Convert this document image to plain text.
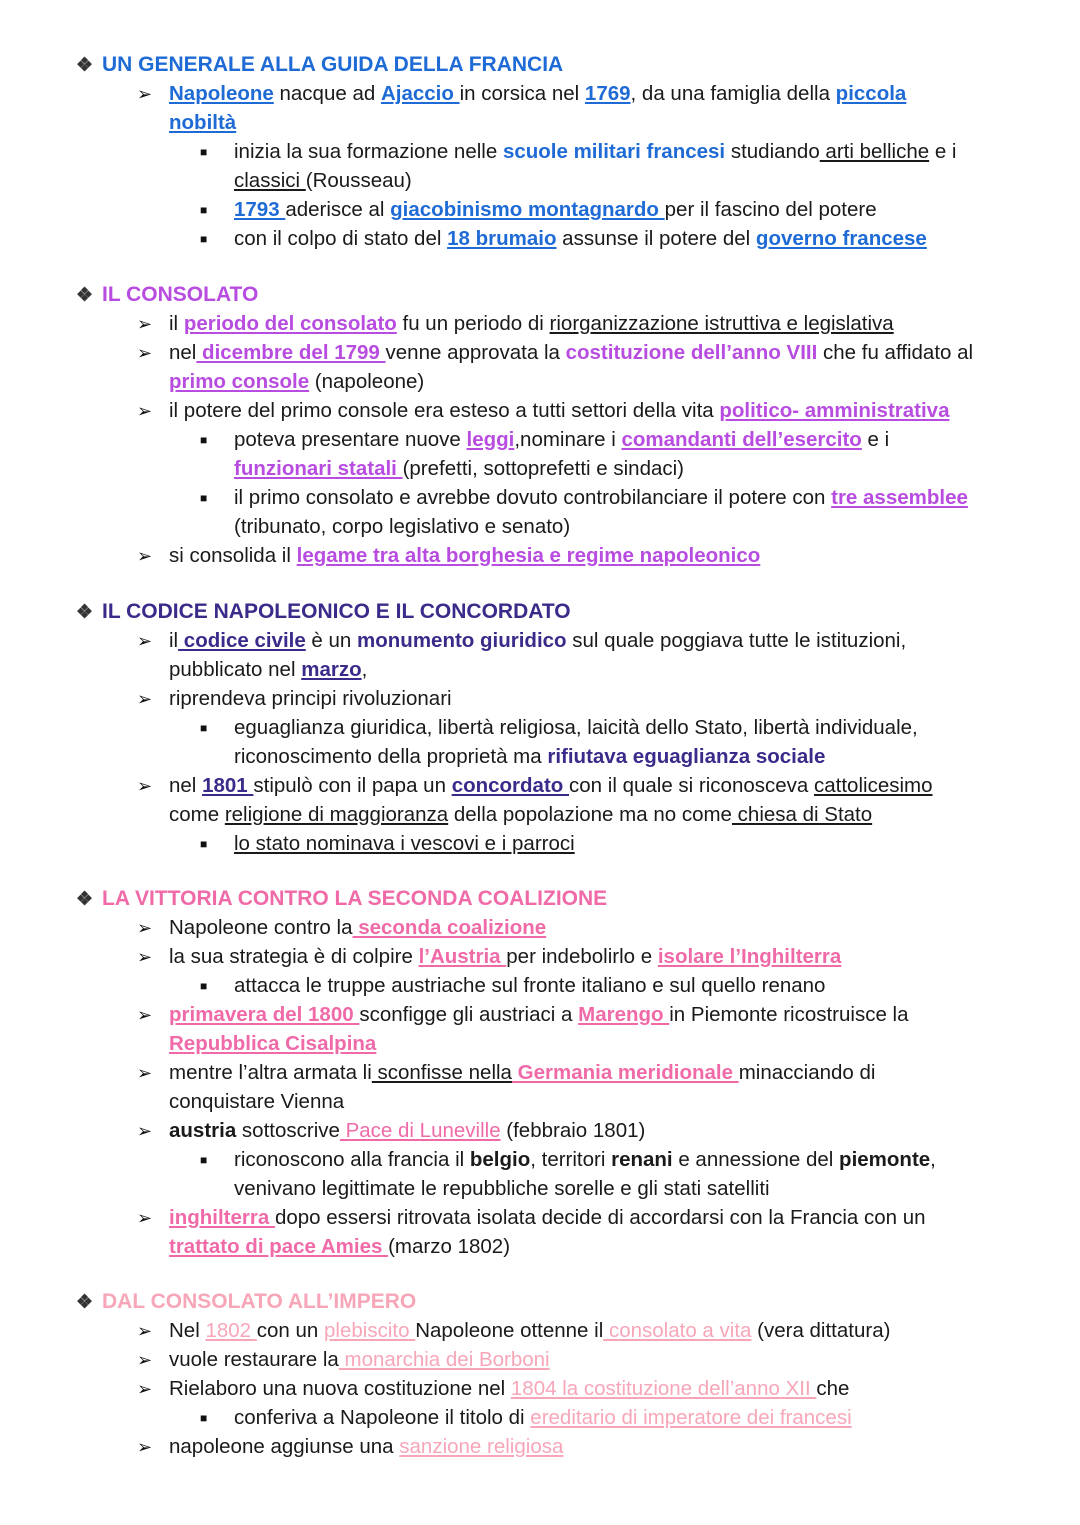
❖ UN GENERALE ALLA GUIDA DELLA FRANCIA
➢ Napoleone nacque ad Ajaccio in corsica nel 1769, da una famiglia della piccola
nobiltà
■ inizia la sua formazione nelle scuole militari francesi studiando arti belliche e i
classici (Rousseau)
■ 1793 aderisce al giacobinismo montagnardo per il fascino del potere
■ con il colpo di stato del 18 brumaio assunse il potere del governo francese
❖ IL CONSOLATO
➢ il periodo del consolato fu un periodo di riorganizzazione istruttiva e legislativa
➢ nel dicembre del 1799 venne approvata la costituzione dell’anno VIII che fu affidato al
primo console (napoleone)
➢ il potere del primo console era esteso a tutti settori della vita politico- amministrativa
■ poteva presentare nuove leggi,nominare i comandanti dell’esercito e i
funzionari statali (prefetti, sottoprefetti e sindaci)
■ il primo consolato e avrebbe dovuto controbilanciare il potere con tre assemblee
(tribunato, corpo legislativo e senato)
➢ si consolida il legame tra alta borghesia e regime napoleonico
❖ IL CODICE NAPOLEONICO E IL CONCORDATO
➢ il codice civile è un monumento giuridico sul quale poggiava tutte le istituzioni,
pubblicato nel marzo,
➢ riprendeva principi rivoluzionari
■ eguaglianza giuridica, libertà religiosa, laicità dello Stato, libertà individuale,
riconoscimento della proprietà ma rifiutava eguaglianza sociale
➢ nel 1801 stipulò con il papa un concordato con il quale si riconosceva cattolicesimo
come religione di maggioranza della popolazione ma no come chiesa di Stato
■ lo stato nominava i vescovi e i parroci
❖ LA VITTORIA CONTRO LA SECONDA COALIZIONE
➢ Napoleone contro la seconda coalizione
➢ la sua strategia è di colpire l’Austria per indebolirlo e isolare l’Inghilterra
■ attacca le truppe austriache sul fronte italiano e sul quello renano
➢ primavera del 1800 sconfigge gli austriaci a Marengo in Piemonte ricostruisce la
Repubblica Cisalpina
➢ mentre l’altra armata li sconfisse nella Germania meridionale minacciando di
conquistare Vienna
➢ austria sottoscrive Pace di Luneville (febbraio 1801)
■ riconoscono alla francia il belgio, territori renani e annessione del piemonte,
venivano legittimate le repubbliche sorelle e gli stati satelliti
➢ inghilterra dopo essersi ritrovata isolata decide di accordarsi con la Francia con un
trattato di pace Amies (marzo 1802)
❖ DAL CONSOLATO ALL’IMPERO
➢ Nel 1802 con un plebiscito Napoleone ottenne il consolato a vita (vera dittatura)
➢ vuole restaurare la monarchia dei Borboni
➢ Rielaboro una nuova costituzione nel 1804 la costituzione dell’anno XII che
■ conferiva a Napoleone il titolo di ereditario di imperatore dei francesi
➢ napoleone aggiunse una sanzione religiosa
